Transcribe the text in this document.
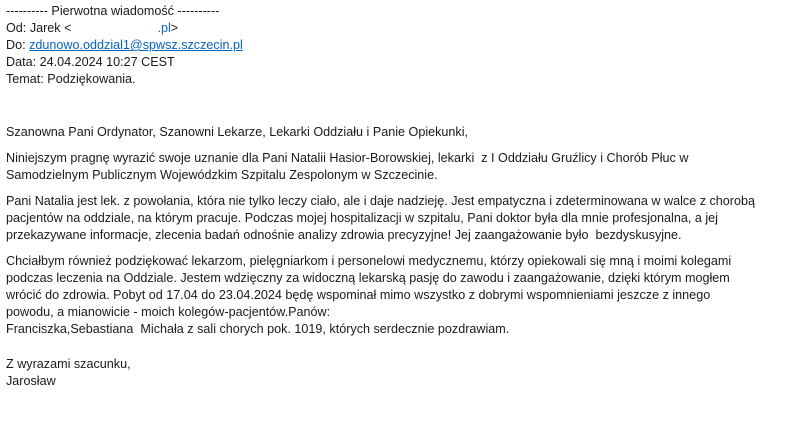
---------- Pierwotna wiadomość ----------
Od: Jarek <	.pl>
Do: zdunowo.oddzial1@spwsz.szczecin.pl
Data: 24.04.2024 10:27 CEST
Temat: Podziękowania.
Szanowna Pani Ordynator, Szanowni Lekarze, Lekarki Oddziału i Panie Opiekunki,
Niniejszym pragnę wyrazić swoje uznanie dla Pani Natalii Hasior-Borowskiej, lekarki  z I Oddziału Gruźlicy i Chorób Płuc w
Samodzielnym Publicznym Wojewódzkim Szpitalu Zespolonym w Szczecinie.
Pani Natalia jest lek. z powołania, która nie tylko leczy ciało, ale i daje nadzieję. Jest empatyczna i zdeterminowana w walce z chorobą
pacjentów na oddziale, na którym pracuje. Podczas mojej hospitalizacji w szpitalu, Pani doktor była dla mnie profesjonalna, a jej
przekazywane informacje, zlecenia badań odnośnie analizy zdrowia precyzyjne! Jej zaangażowanie było  bezdyskusyjne.
Chciałbym również podziękować lekarzom, pielęgniarkom i personelowi medycznemu, którzy opiekowali się mną i moimi kolegami
podczas leczenia na Oddziale. Jestem wdzięczny za widoczną lekarską pasję do zawodu i zaangażowanie, dzięki którym mogłem
wrócić do zdrowia. Pobyt od 17.04 do 23.04.2024 będę wspominał mimo wszystko z dobrymi wspomnieniami jeszcze z innego
powodu, a mianowicie - moich kolegów-pacjentów.Panów:
Franciszka,Sebastiana  Michała z sali chorych pok. 1019, których serdecznie pozdrawiam.
Z wyrazami szacunku,
Jarosław
